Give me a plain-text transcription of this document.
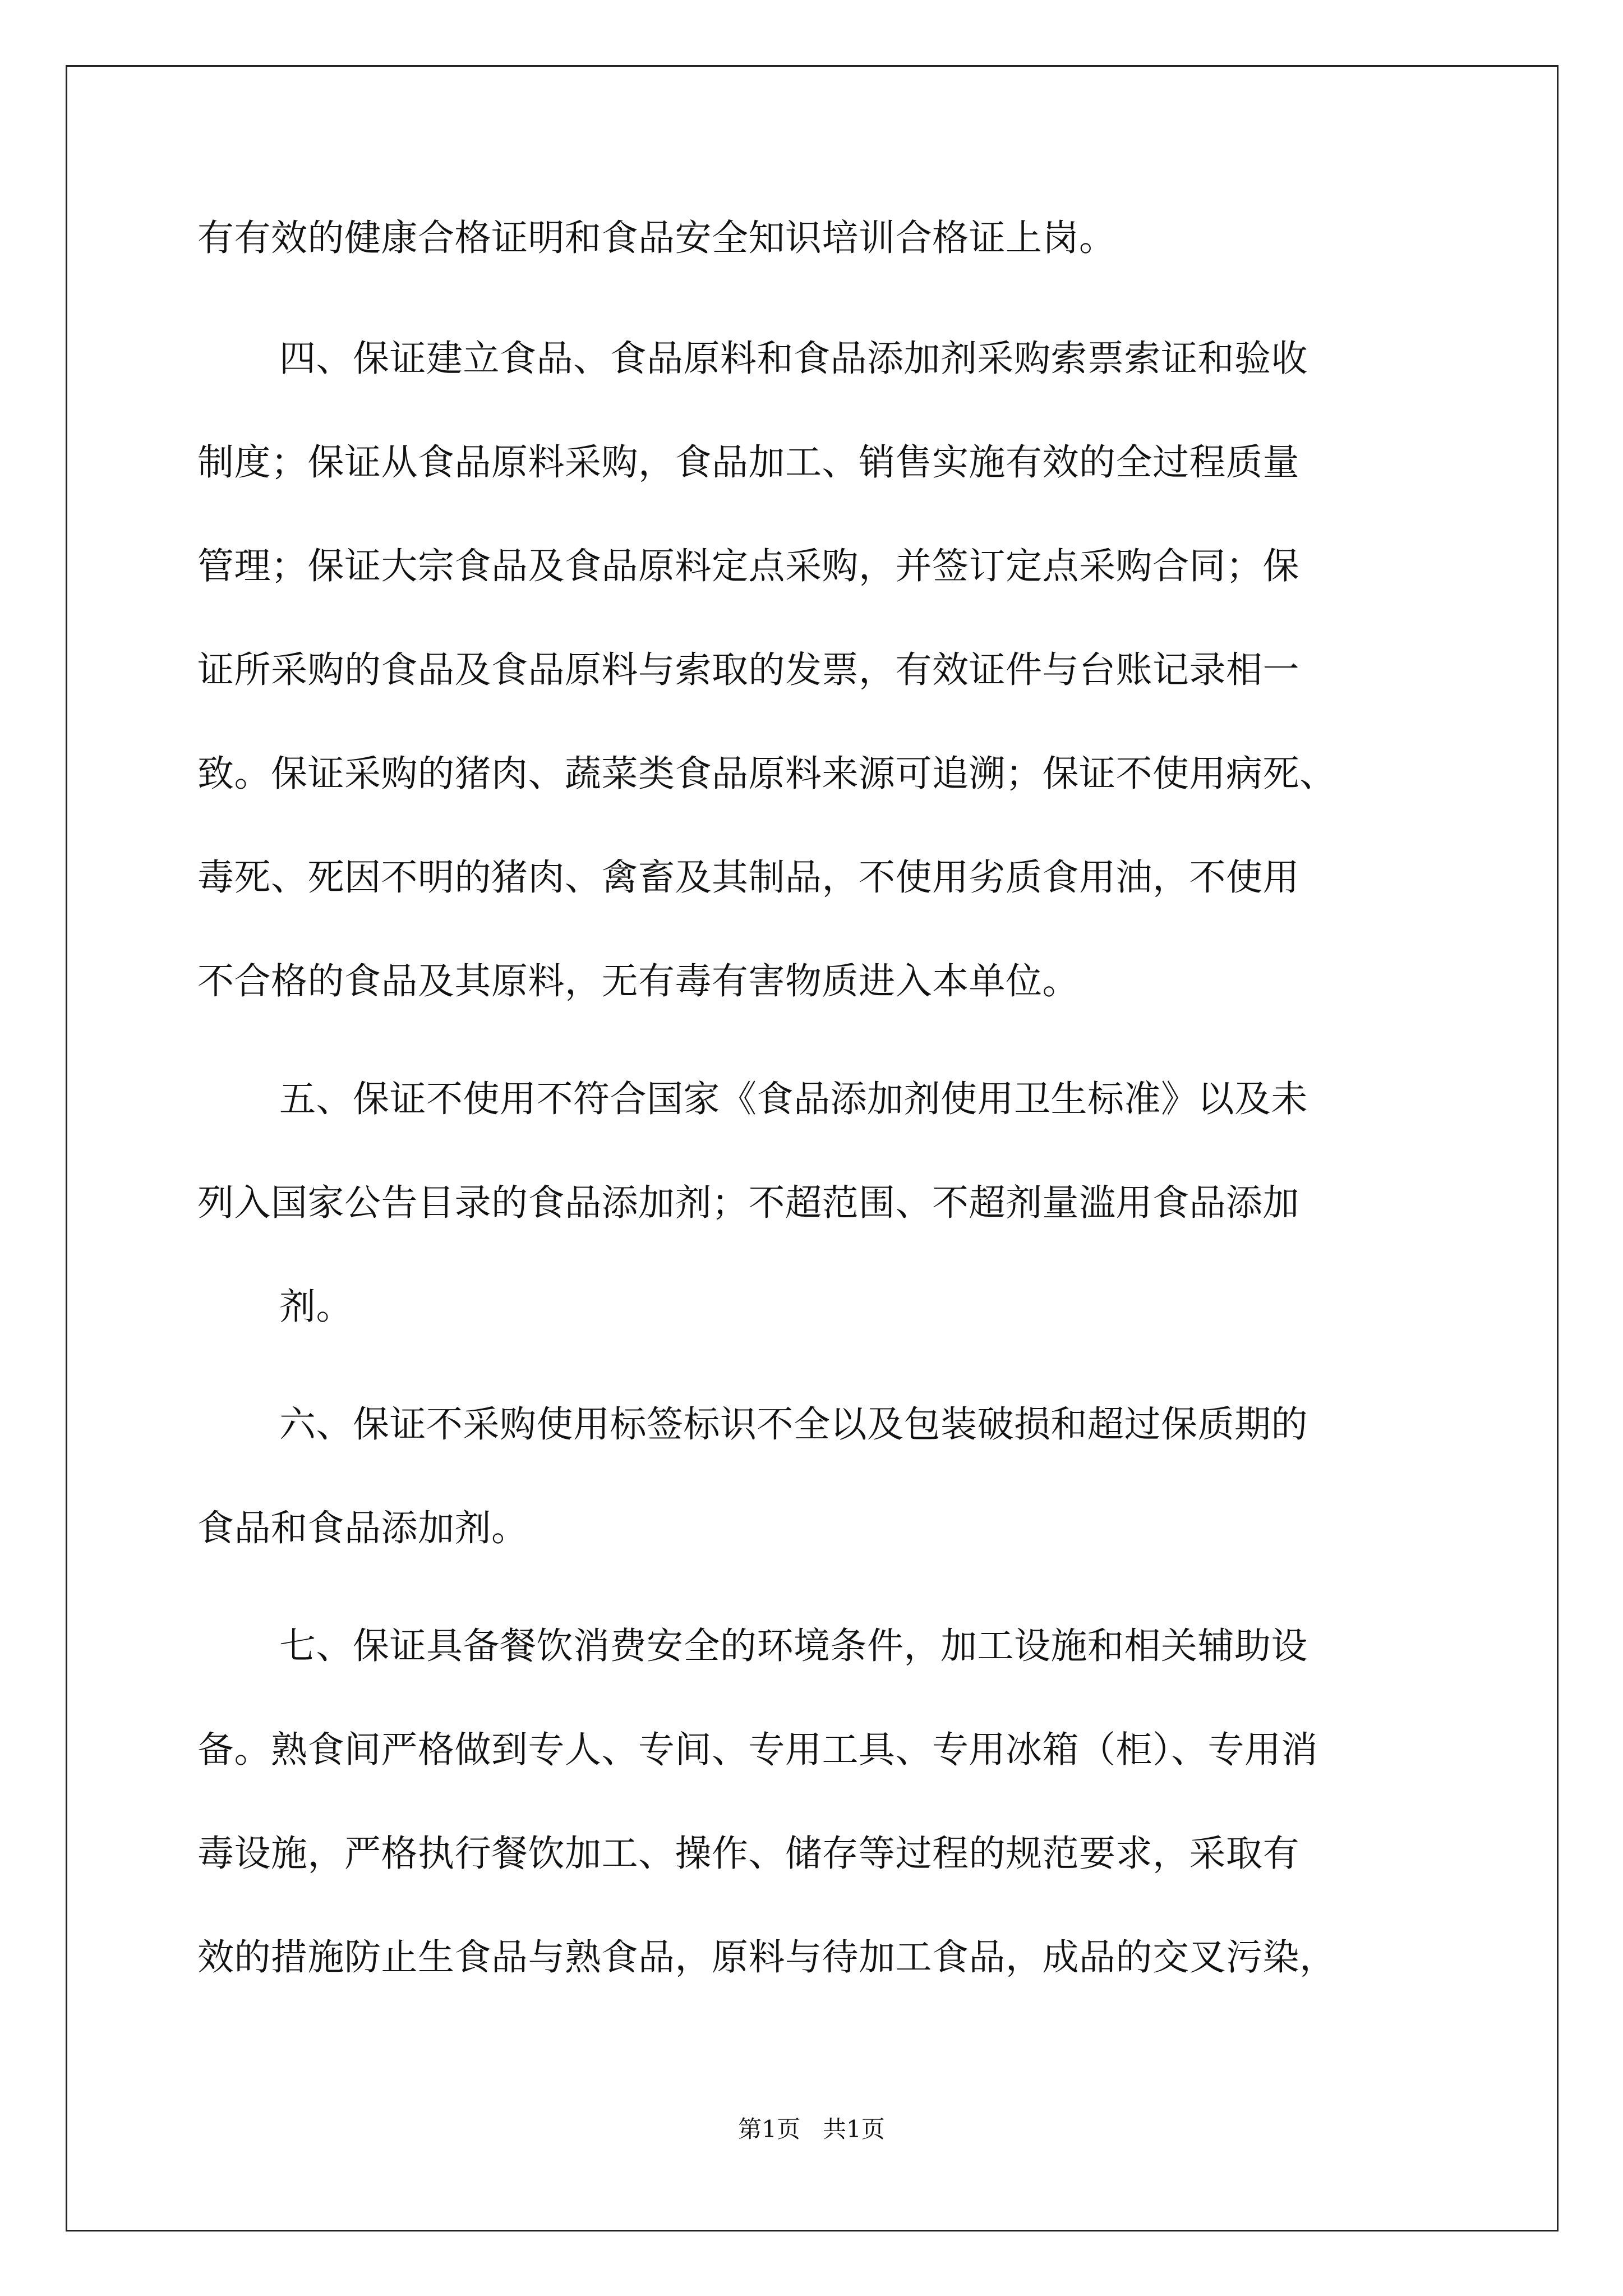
有有效的健康合格证明和食品安全知识培训合格证上岗。
四、保证建立食品、食品原料和食品添加剂采购索票索证和验收
制度；保证从食品原料采购，食品加工、销售实施有效的全过程质量
管理；保证大宗食品及食品原料定点采购，并签订定点采购合同；保
证所采购的食品及食品原料与索取的发票，有效证件与台账记录相一
致。保证采购的猪肉、蔬菜类食品原料来源可追溯；保证不使用病死、
毒死、死因不明的猪肉、禽畜及其制品，不使用劣质食用油，不使用
不合格的食品及其原料，无有毒有害物质进入本单位。
五、保证不使用不符合国家《食品添加剂使用卫生标准》以及未
列入国家公告目录的食品添加剂；不超范围、不超剂量滥用食品添加
剂。
六、保证不采购使用标签标识不全以及包装破损和超过保质期的
食品和食品添加剂。
七、保证具备餐饮消费安全的环境条件，加工设施和相关辅助设
备。熟食间严格做到专人、专间、专用工具、专用冰箱（柜）、专用消
毒设施，严格执行餐饮加工、操作、储存等过程的规范要求，采取有
效的措施防止生食品与熟食品，原料与待加工食品，成品的交叉污染，
第1页   共1页
